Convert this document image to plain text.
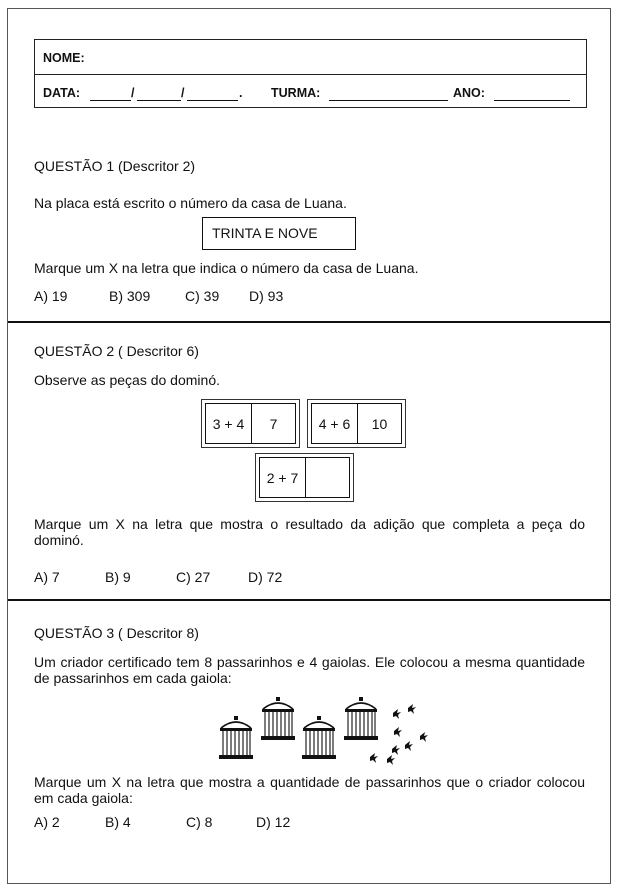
NOME:
DATA:	/	/	. TURMA:	ANO:
QUESTÃO 1 (Descritor 2)
Na placa está escrito o número da casa de Luana.
TRINTA E NOVE
Marque um X na letra que indica o número da casa de Luana.
A) 19	B) 309 C) 39 D) 93
QUESTÃO 2 ( Descritor 6)
Observe as peças do dominó.
3 + 4	7	4 + 6	10
2 + 7
Marque um X na letra que mostra o resultado da adição que completa a peça do dominó.
A) 7	B) 9	C) 27	D) 72
QUESTÃO 3 ( Descritor 8)
Um criador certificado tem 8 passarinhos e 4 gaiolas. Ele colocou a mesma quantidade de passarinhos em cada gaiola:
Marque um X na letra que mostra a quantidade de passarinhos que o criador colocou em cada gaiola:
A) 2	B) 4	C) 8	D) 12
